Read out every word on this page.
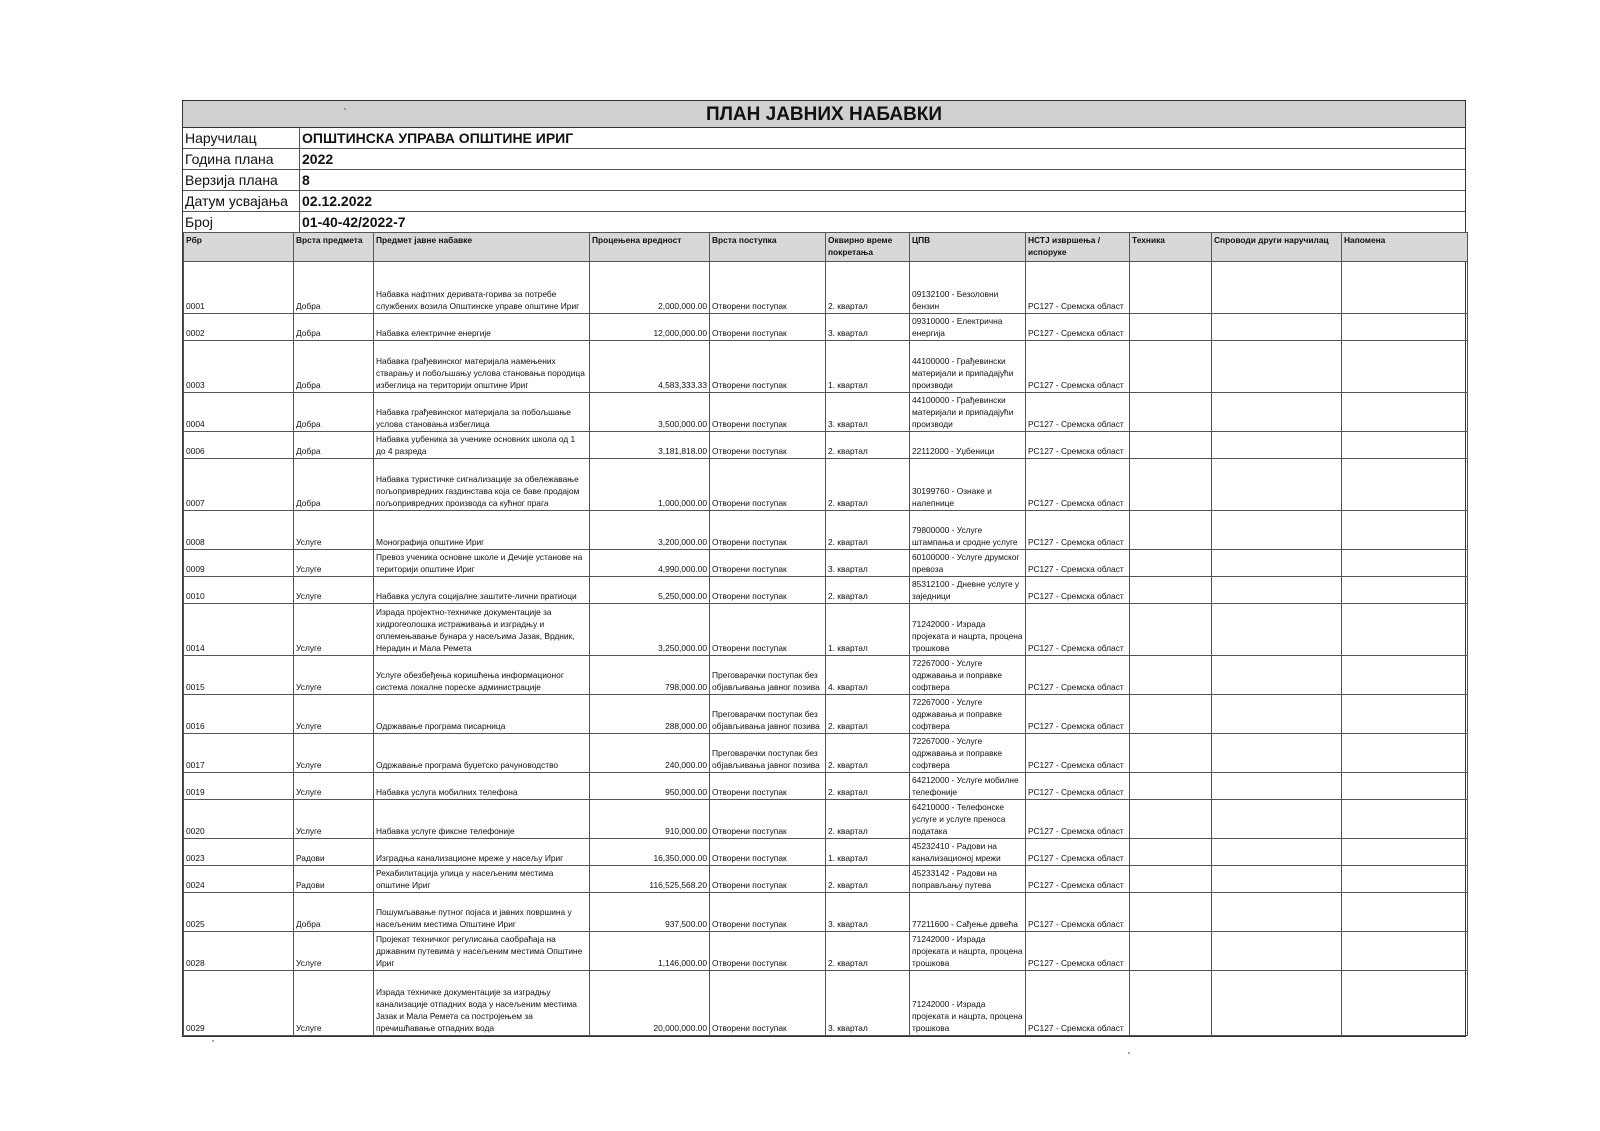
ПЛАН ЈАВНИХ НАБАВКИ
Наручилац	ОПШТИНСКА УПРАВА ОПШТИНЕ ИРИГ
Година плана	2022
Верзија плана	8
Датум усвајања	02.12.2022
Број	01-40-42/2022-7
Рбр	Врста предмета	Предмет јавне набавке	Процењена вредност	Врста поступка	Оквирно време покретања	ЦПВ	НСТЈ извршења / испоруке	Техника	Спроводи други наручилац	Напомена
0001	Добра	Набавка нафтних деривата-горива за потребе службених возила Општинске управе општине Ириг	2,000,000.00	Отворени поступак	2. квартал	09132100 - Безоловни бензин	РС127 - Сремска област			
0002	Добра	Набавка електричне енергије	12,000,000.00	Отворени поступак	3. квартал	09310000 - Електрична енергија	РС127 - Сремска област			
0003	Добра	Набавка грађевинског материјала намењених стварању и побољшању услова становања породица избеглица на територији општине Ириг	4,583,333.33	Отворени поступак	1. квартал	44100000 - Грађевински материјали и припадајући производи	РС127 - Сремска област			
0004	Добра	Набавка грађевинског материјала за побољшање услова становања избеглица	3,500,000.00	Отворени поступак	3. квартал	44100000 - Грађевински материјали и припадајући производи	РС127 - Сремска област			
0006	Добра	Набавка уџбеника за ученике основних школа од 1 до 4 разреда	3,181,818.00	Отворени поступак	2. квартал	22112000 - Уџбеници	РС127 - Сремска област			
0007	Добра	Набавка туристичке сигнализације за обележавање пољопривредних газдинстава која се баве продајом пољопривредних производа са кућног прага	1,000,000.00	Отворени поступак	2. квартал	30199760 - Ознаке и налепнице	РС127 - Сремска област			
0008	Услуге	Монографија општине Ириг	3,200,000.00	Отворени поступак	2. квартал	79800000 - Услуге штампања и сродне услуге	РС127 - Сремска област			
0009	Услуге	Превоз ученика основне школе и Дечије установе на територији општине Ириг	4,990,000.00	Отворени поступак	3. квартал	60100000 - Услуге друмског превоза	РС127 - Сремска област			
0010	Услуге	Набавка услуга социјалне заштите-лични пратиоци	5,250,000.00	Отворени поступак	2. квартал	85312100 - Дневне услуге у заједници	РС127 - Сремска област			
0014	Услуге	Израда пројектно-техничке документације за хидрогеолошка истраживања и изградњу и оплемењавање бунара у насељима Јазак, Врдник, Нерадин и Мала Ремета	3,250,000.00	Отворени поступак	1. квартал	71242000 - Израда пројеката и нацрта, процена трошкова	РС127 - Сремска област			
0015	Услуге	Услуге обезбеђења коришћења информационог система локалне пореске администрације	798,000.00	Преговарачки поступак без објављивања јавног позива	4. квартал	72267000 - Услуге одржавања и поправке софтвера	РС127 - Сремска област			
0016	Услуге	Одржавање програма писарница	288,000.00	Преговарачки поступак без објављивања јавног позива	2. квартал	72267000 - Услуге одржавања и поправке софтвера	РС127 - Сремска област			
0017	Услуге	Одржавање програма буџетско рачуноводство	240,000.00	Преговарачки поступак без објављивања јавног позива	2. квартал	72267000 - Услуге одржавања и поправке софтвера	РС127 - Сремска област			
0019	Услуге	Набавка услуга мобилних телефона	950,000.00	Отворени поступак	2. квартал	64212000 - Услуге мобилне телефоније	РС127 - Сремска област			
0020	Услуге	Набавка услуге фиксне телефоније	910,000.00	Отворени поступак	2. квартал	64210000 - Телефонске услуге и услуге преноса података	РС127 - Сремска област			
0023	Радови	Изградња канализационе мреже у насељу Ириг	16,350,000.00	Отворени поступак	1. квартал	45232410 - Радови на канализационој мрежи	РС127 - Сремска област			
0024	Радови	Рехабилитација улица у насељеним местима општине Ириг	116,525,568.20	Отворени поступак	2. квартал	45233142 - Радови на поправљању путева	РС127 - Сремска област			
0025	Добра	Пошумљавање путног појаса и јавних површина у насељеним местима Општине Ириг	937,500.00	Отворени поступак	3. квартал	77211600 - Сађење дрвећа	РС127 - Сремска област			
0028	Услуге	Пројекат техничког регулисања саобраћаја на државним путевима у насељеним местима Општине Ириг	1,146,000.00	Отворени поступак	2. квартал	71242000 - Израда пројеката и нацрта, процена трошкова	РС127 - Сремска област			
0029	Услуге	Израда техничке документације за изградњу канализације отпадних вода у насељеним местима Јазак и Мала Ремета са постројењем за пречишћавање отпадних вода	20,000,000.00	Отворени поступак	3. квартал	71242000 - Израда пројеката и нацрта, процена трошкова	РС127 - Сремска област			
